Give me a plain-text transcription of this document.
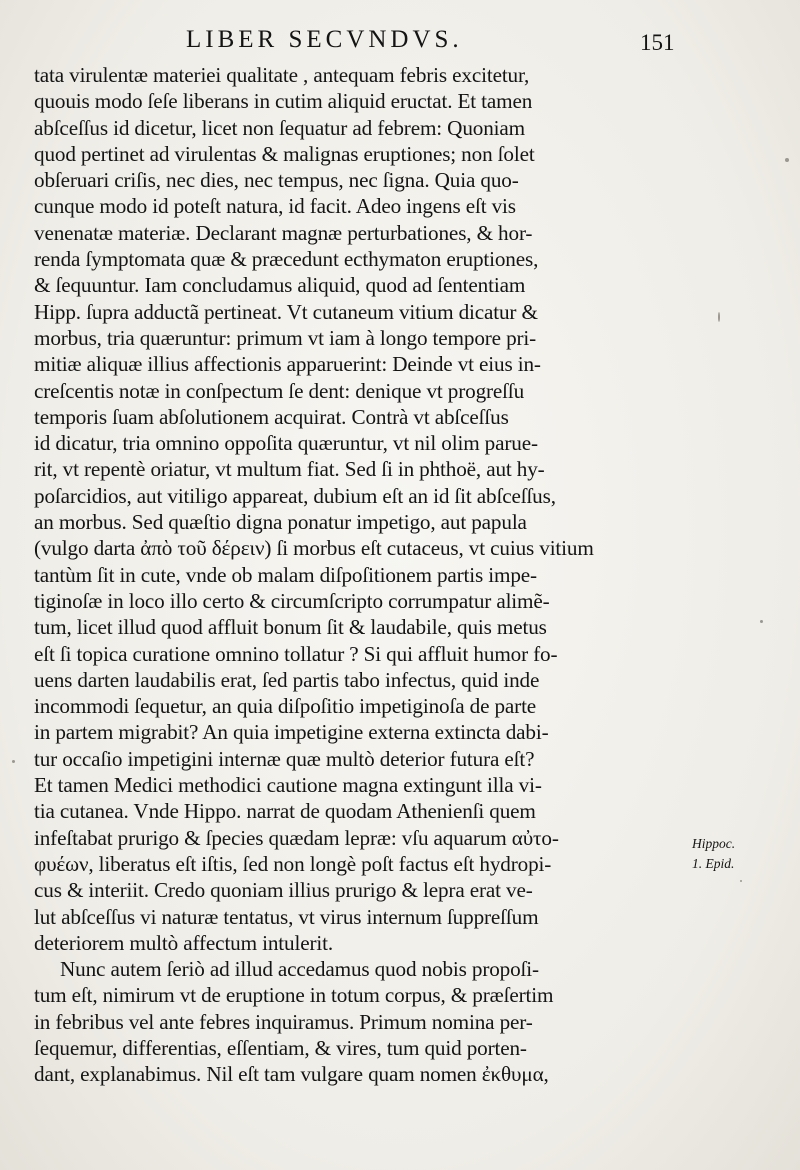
LIBER SECVNDVS.	151
tata virulentæ materiei qualitate , antequam febris excitetur,
quouis modo ſeſe liberans in cutim aliquid eructat. Et tamen
abſceſſus id dicetur, licet non ſequatur ad febrem: Quoniam
quod pertinet ad virulentas & malignas eruptiones; non ſolet
obſeruari criſis, nec dies, nec tempus, nec ſigna. Quia quo-
cunque modo id poteſt natura, id facit. Adeo ingens eſt vis
venenatæ materiæ. Declarant magnæ perturbationes, & hor-
renda ſymptomata quæ & præcedunt ecthymaton eruptiones,
& ſequuntur. Iam concludamus aliquid, quod ad ſententiam
Hipp. ſupra adductã pertineat. Vt cutaneum vitium dicatur &
morbus, tria quæruntur: primum vt iam à longo tempore pri-
mitiæ aliquæ illius affectionis apparuerint: Deinde vt eius in-
creſcentis notæ in conſpectum ſe dent: denique vt progreſſu
temporis ſuam abſolutionem acquirat. Contrà vt abſceſſus
id dicatur, tria omnino oppoſita quæruntur, vt nil olim parue-
rit, vt repentè oriatur, vt multum fiat. Sed ſi in phthoë, aut hy-
poſarcidios, aut vitiligo appareat, dubium eſt an id ſit abſceſſus,
an morbus. Sed quæſtio digna ponatur impetigo, aut papula
(vulgo darta ἀπὸ τοῦ δέρειν) ſi morbus eſt cutaceus, vt cuius vitium
tantùm ſit in cute, vnde ob malam diſpoſitionem partis impe-
tiginoſæ in loco illo certo & circumſcripto corrumpatur alimẽ-
tum, licet illud quod affluit bonum ſit & laudabile, quis metus
eſt ſi topica curatione omnino tollatur ? Si qui affluit humor fo-
uens darten laudabilis erat, ſed partis tabo infectus, quid inde
incommodi ſequetur, an quia diſpoſitio impetiginoſa de parte
in partem migrabit? An quia impetigine externa extincta dabi-
tur occaſio impetigini internæ quæ multò deterior futura eſt?
Et tamen Medici methodici cautione magna extingunt illa vi-
tia cutanea. Vnde Hippo. narrat de quodam Athenienſi quem
infeſtabat prurigo & ſpecies quædam lepræ: vſu aquarum αὐτο-
φυέων, liberatus eſt iſtis, ſed non longè poſt factus eſt hydropi-
cus & interiit. Credo quoniam illius prurigo & lepra erat ve-
lut abſceſſus vi naturæ tentatus, vt virus internum ſuppreſſum
deteriorem multò affectum intulerit.
Nunc autem ſeriò ad illud accedamus quod nobis propoſi-
tum eſt, nimirum vt de eruptione in totum corpus, & præſertim
in febribus vel ante febres inquiramus. Primum nomina per-
ſequemur, differentias, eſſentiam, & vires, tum quid porten-
dant, explanabimus. Nil eſt tam vulgare quam nomen ἐκθυμα,
Hippoc.
1. Epid.
